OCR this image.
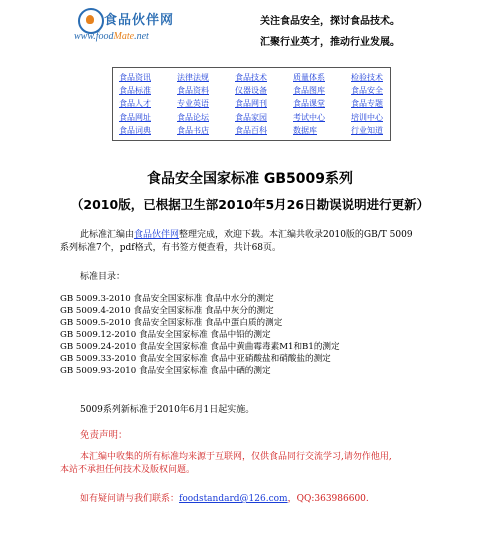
食品伙伴网
www.foodMate.net
关注食品安全，探讨食品技术。
汇聚行业英才，推动行业发展。
食品资讯	法律法规	食品技术	质量体系	检验技术
食品标准	食品资料	仪器设备	食品图库	食品安全
食品人才	专业英语	食品网刊	食品课堂	食品专题
食品网址	食品论坛	食品家园	考试中心	培训中心
食品词典	食品书店	食品百科	数据库	行业知道
食品安全国家标准 GB5009系列
（2010版，已根据卫生部2010年5月26日勘误说明进行更新）
此标准汇编由食品伙伴网整理完成，欢迎下载。本汇编共收录2010版的GB/T 5009
系列标准7个，pdf格式，有书签方便查看，共计68页。
标准目录：
GB 5009.3-2010 食品安全国家标准 食品中水分的测定
GB 5009.4-2010 食品安全国家标准 食品中灰分的测定
GB 5009.5-2010 食品安全国家标准 食品中蛋白质的测定
GB 5009.12-2010 食品安全国家标准 食品中铅的测定
GB 5009.24-2010 食品安全国家标准 食品中黄曲霉毒素M1和B1的测定
GB 5009.33-2010 食品安全国家标准 食品中亚硝酸盐和硝酸盐的测定
GB 5009.93-2010 食品安全国家标准 食品中硒的测定
5009系列新标准于2010年6月1日起实施。
免责声明：
本汇编中收集的所有标准均来源于互联网，仅供食品同行交流学习,请勿作他用,
本站不承担任何技术及版权问题。
如有疑问请与我们联系：foodstandard@126.com，QQ:363986600.
